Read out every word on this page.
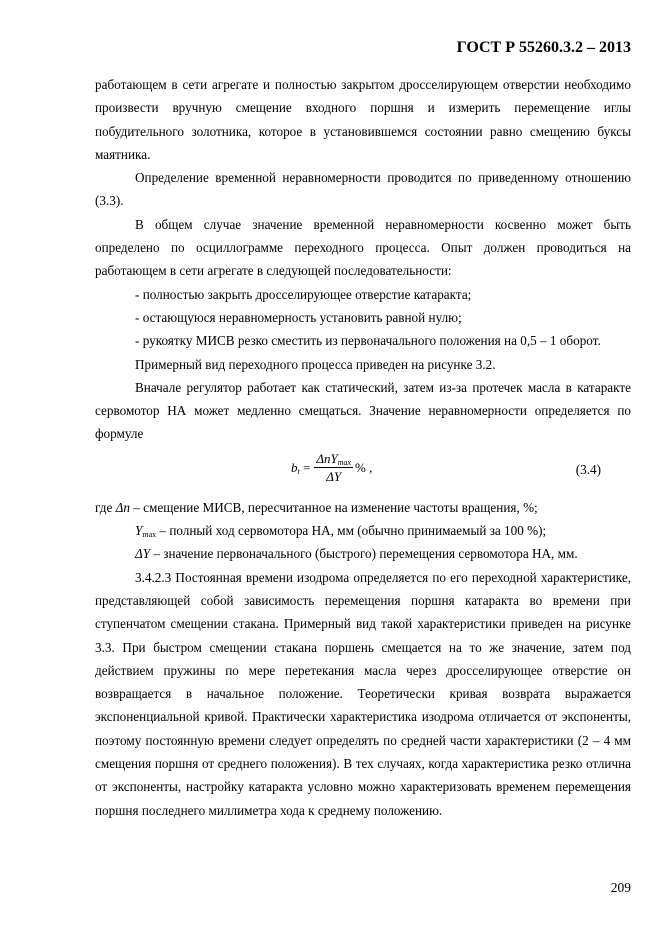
ГОСТ Р 55260.3.2 – 2013

работающем в сети агрегате и полностью закрытом дросселирующем отверстии необходимо произвести вручную смещение входного поршня и измерить перемещение иглы побудительного золотника, которое в установившемся состоянии равно смещению буксы маятника.

Определение временной неравномерности проводится по приведенному отношению (3.3).

В общем случае значение временной неравномерности косвенно может быть определено по осциллограмме переходного процесса. Опыт должен проводиться на работающем в сети агрегате в следующей последовательности:

- полностью закрыть дросселирующее отверстие катаракта;

- остающуюся неравномерность установить равной нулю;

- рукоятку МИСВ резко сместить из первоначального положения на 0,5 – 1 оборот.

Примерный вид переходного процесса приведен на рисунке 3.2.

Вначале регулятор работает как статический, затем из-за протечек масла в катаракте сервомотор НА может медленно смещаться. Значение неравномерности определяется по формуле

$b_t = \frac{\Delta nY_{max}}{\Delta Y}$ % ,	(3.4)

где Δn – смещение МИСВ, пересчитанное на изменение частоты вращения, %;

$Y_{max}$ – полный ход сервомотора НА, мм (обычно принимаемый за 100 %);

ΔY – значение первоначального (быстрого) перемещения сервомотора НА, мм.

3.4.2.3 Постоянная времени изодрома определяется по его переходной характеристике, представляющей собой зависимость перемещения поршня катаракта во времени при ступенчатом смещении стакана. Примерный вид такой характеристики приведен на рисунке 3.3. При быстром смещении стакана поршень смещается на то же значение, затем под действием пружины по мере перетекания масла через дросселирующее отверстие он возвращается в начальное положение. Теоретически кривая возврата выражается экспоненциальной кривой. Практически характеристика изодрома отличается от экспоненты, поэтому постоянную времени следует определять по средней части характеристики (2 – 4 мм смещения поршня от среднего положения). В тех случаях, когда характеристика резко отлична от экспоненты, настройку катаракта условно можно характеризовать временем перемещения поршня последнего миллиметра хода к среднему положению.

209
